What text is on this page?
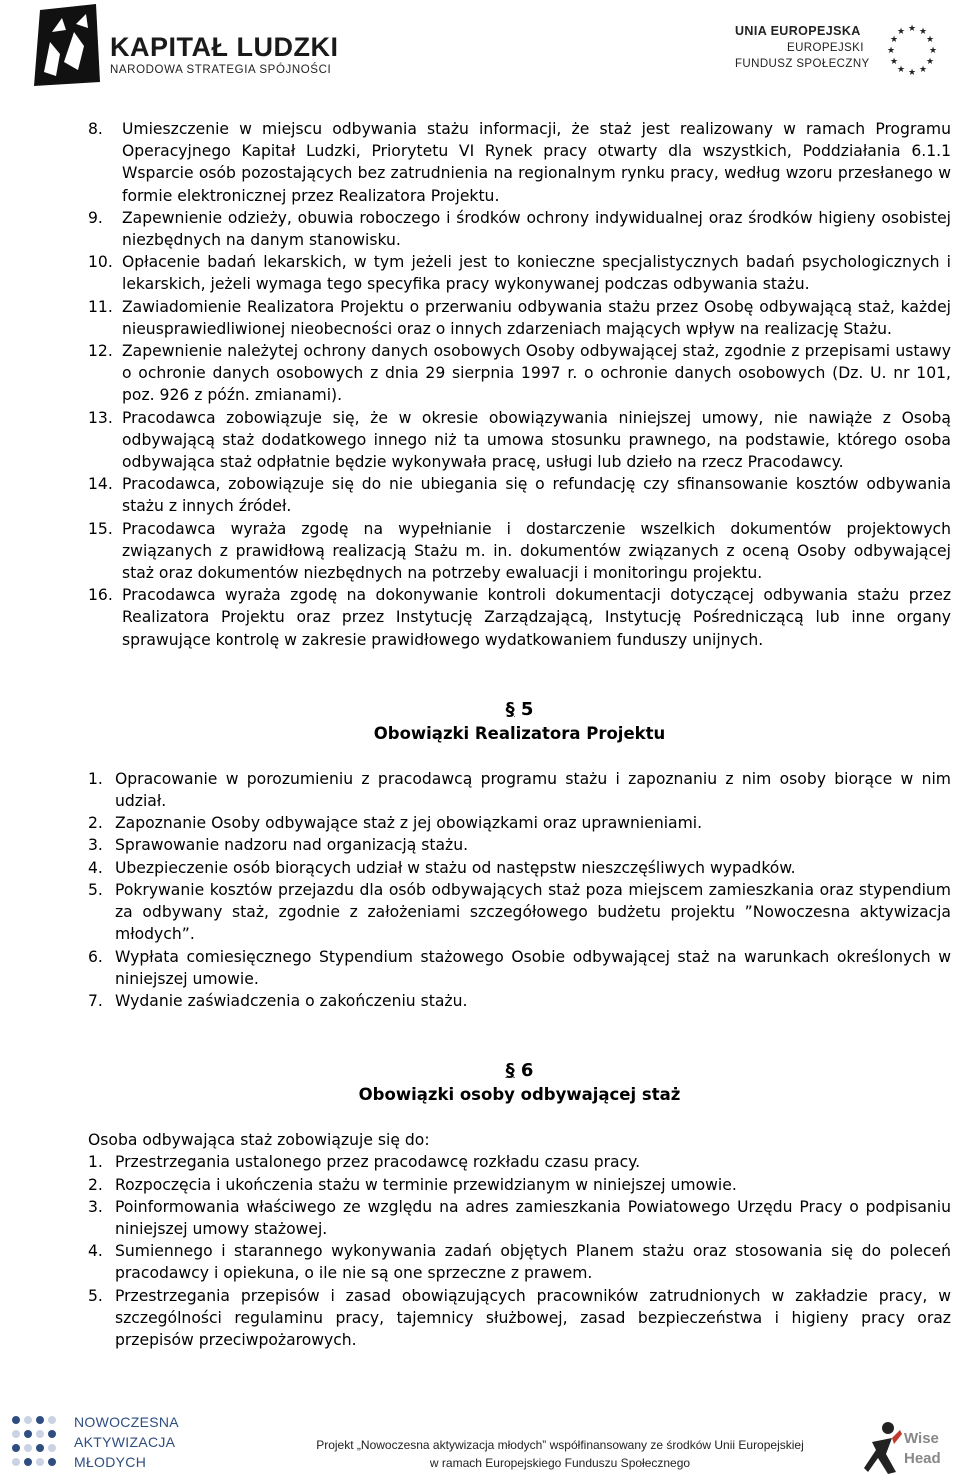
KAPITAŁ LUDZKI
NARODOWA STRATEGIA SPÓJNOŚCI
UNIA EUROPEJSKA
EUROPEJSKI
FUNDUSZ SPOŁECZNY
★ ★
★
★
★
★
★
★
★
★
★
★
8. Umieszczenie w miejscu odbywania stażu informacji, że staż jest realizowany w ramach Programu Operacyjnego Kapitał Ludzki, Priorytetu VI Rynek pracy otwarty dla wszystkich, Poddziałania 6.1.1 Wsparcie osób pozostających bez zatrudnienia na regionalnym rynku pracy, według wzoru przesłanego w formie elektronicznej przez Realizatora Projektu.
9. Zapewnienie odzieży, obuwia roboczego i środków ochrony indywidualnej oraz środków higieny osobistej niezbędnych na danym stanowisku.
10. Opłacenie badań lekarskich, w tym jeżeli jest to konieczne specjalistycznych badań psychologicznych i lekarskich, jeżeli wymaga tego specyfika pracy wykonywanej podczas odbywania stażu.
11. Zawiadomienie Realizatora Projektu o przerwaniu odbywania stażu przez Osobę odbywającą staż, każdej nieusprawiedliwionej nieobecności oraz o innych zdarzeniach mających wpływ na realizację Stażu.
12. Zapewnienie należytej ochrony danych osobowych Osoby odbywającej staż, zgodnie z przepisami ustawy o ochronie danych osobowych z dnia 29 sierpnia 1997 r. o ochronie danych osobowych (Dz. U. nr 101, poz. 926 z późn. zmianami).
13. Pracodawca zobowiązuje się, że w okresie obowiązywania niniejszej umowy, nie nawiąże z Osobą odbywającą staż dodatkowego innego niż ta umowa stosunku prawnego, na podstawie, którego osoba odbywająca staż odpłatnie będzie wykonywała pracę, usługi lub dzieło na rzecz Pracodawcy.
14. Pracodawca, zobowiązuje się do nie ubiegania się o refundację czy sfinansowanie kosztów odbywania stażu z innych źródeł.
15. Pracodawca wyraża zgodę na wypełnianie i dostarczenie wszelkich dokumentów projektowych związanych z prawidłową realizacją Stażu m. in. dokumentów związanych z oceną Osoby odbywającej staż oraz dokumentów niezbędnych na potrzeby ewaluacji i monitoringu projektu.
16. Pracodawca wyraża zgodę na dokonywanie kontroli dokumentacji dotyczącej odbywania stażu przez Realizatora Projektu oraz przez Instytucję Zarządzającą, Instytucję Pośredniczącą lub inne organy sprawujące kontrolę w zakresie prawidłowego wydatkowaniem funduszy unijnych.
§ 5
Obowiązki Realizatora Projektu
1. Opracowanie w porozumieniu z pracodawcą programu stażu i zapoznaniu z nim osoby biorące w nim udział.
2. Zapoznanie Osoby odbywające staż z jej obowiązkami oraz uprawnieniami.
3. Sprawowanie nadzoru nad organizacją stażu.
4. Ubezpieczenie osób biorących udział w stażu od następstw nieszczęśliwych wypadków.
5. Pokrywanie kosztów przejazdu dla osób odbywających staż poza miejscem zamieszkania oraz stypendium za odbywany staż, zgodnie z założeniami szczegółowego budżetu projektu ”Nowoczesna aktywizacja młodych”.
6. Wypłata comiesięcznego Stypendium stażowego Osobie odbywającej staż na warunkach określonych w niniejszej umowie.
7. Wydanie zaświadczenia o zakończeniu stażu.
§ 6
Obowiązki osoby odbywającej staż

Osoba odbywająca staż zobowiązuje się do:

1. Przestrzegania ustalonego przez pracodawcę rozkładu czasu pracy.
2. Rozpoczęcia i ukończenia stażu w terminie przewidzianym w niniejszej umowie.
3. Poinformowania właściwego ze względu na adres zamieszkania Powiatowego Urzędu Pracy o podpisaniu niniejszej umowy stażowej.
4. Sumiennego i starannego wykonywania zadań objętych Planem stażu oraz stosowania się do poleceń pracodawcy i opiekuna, o ile nie są one sprzeczne z prawem.
5. Przestrzegania przepisów i zasad obowiązujących pracowników zatrudnionych w zakładzie pracy, w szczególności regulaminu pracy, tajemnicy służbowej, zasad bezpieczeństwa i higieny pracy oraz przepisów przeciwpożarowych.
NOWOCZESNA
AKTYWIZACJA
MŁODYCH
Projekt „Nowoczesna aktywizacja młodych” współfinansowany ze środków Unii Europejskiej
w ramach Europejskiego Funduszu Społecznego
Wise
Head
